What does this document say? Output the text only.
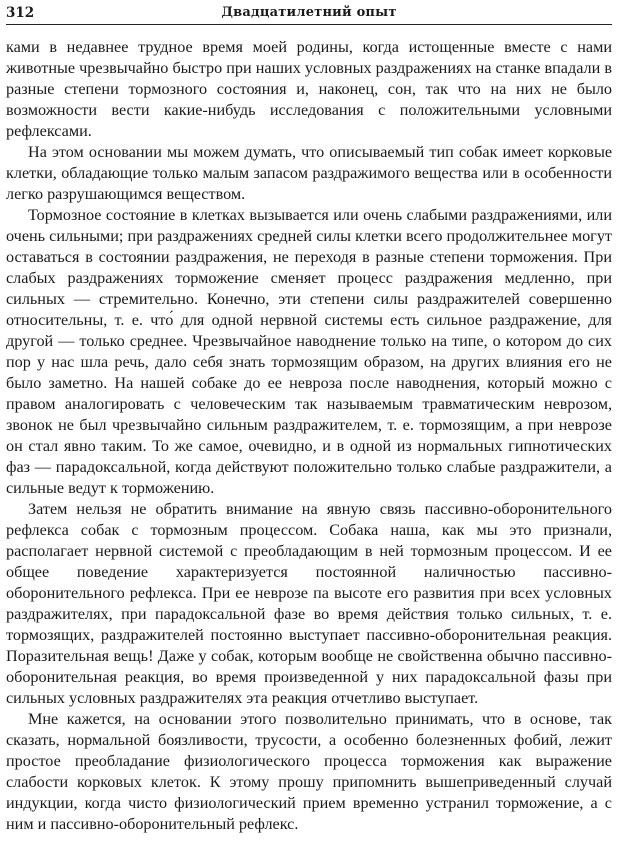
312	Двадцатилетний опыт

ками в недавнее трудное время моей родины, когда истощенные вместе с нами животные чрезвычайно быстро при наших условных раздражениях на станке впадали в разные степени тормозного состояния и, наконец, сон, так что на них не было возможности вести какие-нибудь исследования с положительными условными рефлексами.

На этом основании мы можем думать, что описываемый тип собак имеет корковые клетки, обладающие только малым запасом раздражимого вещества или в особенности легко разрушающимся веществом.

Тормозное состояние в клетках вызывается или очень слабыми раздражениями, или очень сильными; при раздражениях средней силы клетки всего продолжительнее могут оставаться в состоянии раздражения, не переходя в разные степени торможения. При слабых раздражениях торможение сменяет процесс раздражения медленно, при сильных — стремительно. Конечно, эти степени силы раздражителей совершенно относительны, т. е. что́ для одной нервной системы есть сильное раздражение, для другой — только среднее. Чрезвычайное наводнение только на типе, о котором до сих пор у нас шла речь, дало себя знать тормозящим образом, на других влияния его не было заметно. На нашей собаке до ее невроза после наводнения, который можно с правом аналогировать с человеческим так называемым травматическим неврозом, звонок не был чрезвычайно сильным раздражителем, т. е. тормозящим, а при неврозе он стал явно таким. То же самое, очевидно, и в одной из нормальных гипнотических фаз — парадоксальной, когда действуют положительно только слабые раздражители, а сильные ведут к торможению.

Затем нельзя не обратить внимание на явную связь пассивно-оборонительного рефлекса собак с тормозным процессом. Собака наша, как мы это признали, располагает нервной системой с преобладающим в ней тормозным процессом. И ее общее поведение характеризуется постоянной наличностью пассивно-оборонительного рефлекса. При ее неврозе па высоте его развития при всех условных раздражителях, при парадоксальной фазе во время действия только сильных, т. е. тормозящих, раздражителей постоянно выступает пассивно-оборонительная реакция. Поразительная вещь! Даже у собак, которым вообще не свойственна обычно пассивно-оборонительная реакция, во время произведенной у них парадоксальной фазы при сильных условных раздражителях эта реакция отчетливо выступает.

Мне кажется, на основании этого позволительно принимать, что в основе, так сказать, нормальной боязливости, трусости, а особенно болезненных фобий, лежит простое преобладание физиологического процесса торможения как выражение слабости корковых клеток. К этому прошу припомнить вышеприведенный случай индукции, когда чисто физиологический прием временно устранил торможение, а с ним и пассивно-оборонительный рефлекс.
